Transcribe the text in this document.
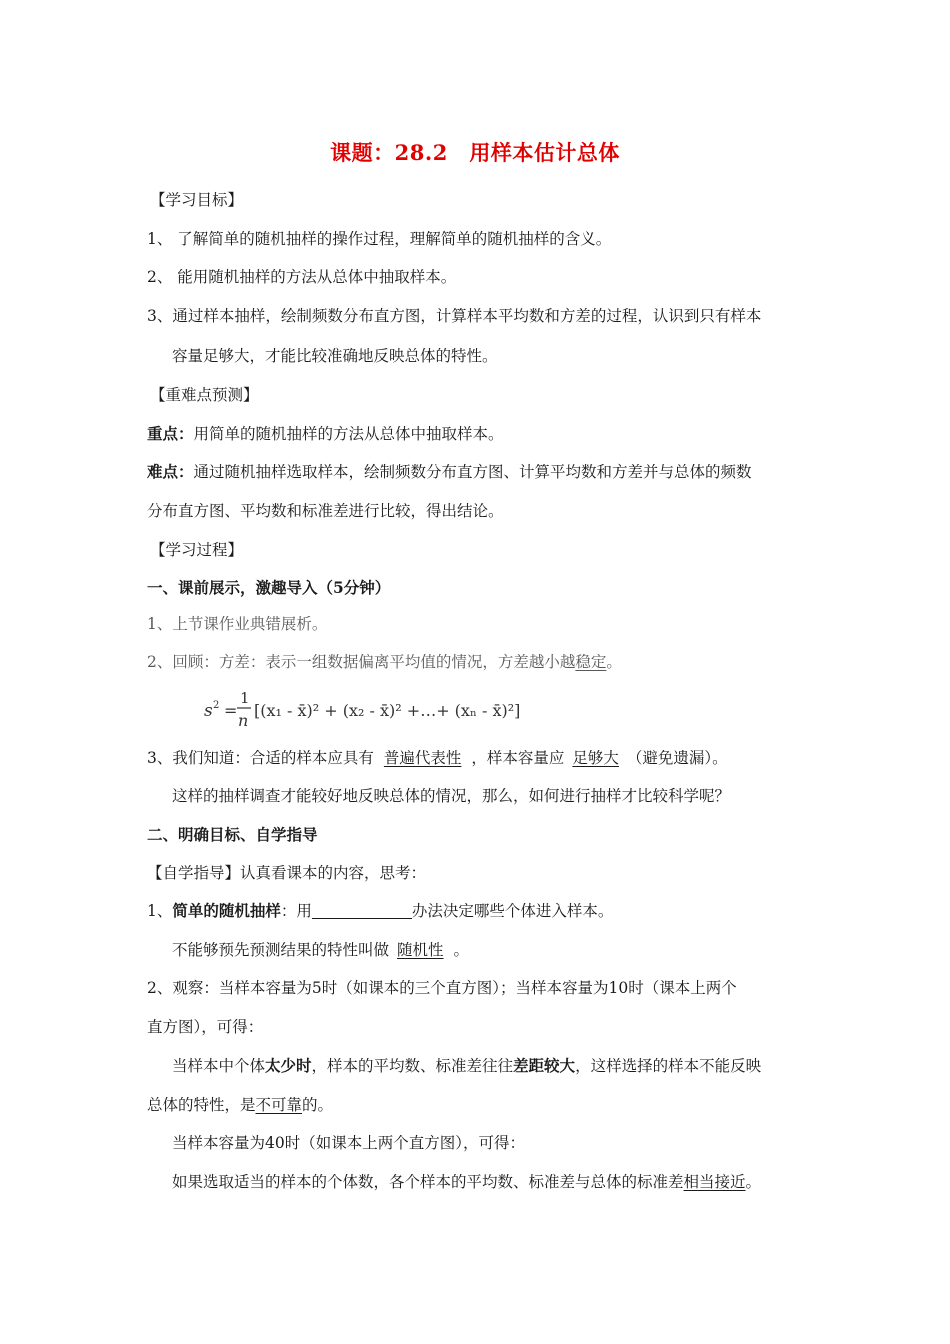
课题：28.2　用样本估计总体
【学习目标】
1、 了解简单的随机抽样的操作过程，理解简单的随机抽样的含义。
2、 能用随机抽样的方法从总体中抽取样本。
3、通过样本抽样，绘制频数分布直方图，计算样本平均数和方差的过程，认识到只有样本
容量足够大，才能比较准确地反映总体的特性。
【重难点预测】
重点：用简单的随机抽样的方法从总体中抽取样本。
难点：通过随机抽样选取样本，绘制频数分布直方图、计算平均数和方差并与总体的频数
分布直方图、平均数和标准差进行比较，得出结论。
【学习过程】
一、课前展示，激趣导入（5分钟）
1、上节课作业典错展析。
2、回顾：方差：表示一组数据偏离平均值的情况，方差越小越稳定。
s 2 =
1
n
[(x₁ - x̄)² + (x₂ - x̄)² +…+ (xₙ - x̄)²]
3、我们知道：合适的样本应具有 普遍代表性 ，样本容量应 足够大 （避免遗漏）。
这样的抽样调查才能较好地反映总体的情况，那么，如何进行抽样才比较科学呢？
二、明确目标、自学指导
【自学指导】认真看课本的内容，思考：
1、简单的随机抽样：用	办法决定哪些个体进入样本。
不能够预先预测结果的特性叫做 随机性 。
2、观察：当样本容量为5时（如课本的三个直方图）；当样本容量为10时（课本上两个
直方图），可得：
当样本中个体太少时，样本的平均数、标准差往往差距较大，这样选择的样本不能反映
总体的特性，是不可靠的。
当样本容量为40时（如课本上两个直方图），可得：
如果选取适当的样本的个体数，各个样本的平均数、标准差与总体的标准差相当接近。
